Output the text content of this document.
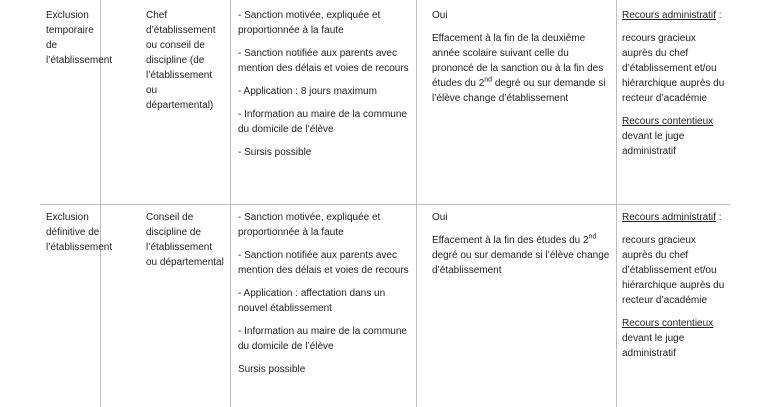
Exclusion temporaire de l’établissement
Chef d’établissement ou conseil de discipline (de l’établissement ou départemental)

- Sanction motivée, expliquée et proportionnée à la faute

- Sanction notifiée aux parents avec mention des délais et voies de recours

- Application : 8 jours maximum

- Information au maire de la commune du domicile de l’élève

- Sursis possible

Oui

Effacement à la fin de la deuxième année scolaire suivant celle du prononcé de la sanction ou à la fin des études du 2nd degré ou sur demande si l’élève change d’établissement

Recours administratif :

recours gracieux auprès du chef d’établissement et/ou hiérarchique auprès du recteur d’académie

Recours contentieux
devant le juge administratif

Exclusion définitive de l’établissement
Conseil de discipline de l’établissement ou départemental

- Sanction motivée, expliquée et proportionnée à la faute

- Sanction notifiée aux parents avec mention des délais et voies de recours

- Application : affectation dans un nouvel établissement

- Information au maire de la commune du domicile de l’élève

Sursis possible

Oui

Effacement à la fin des études du 2nd degré ou sur demande si l’élève change d’établissement

Recours administratif :

recours gracieux auprès du chef d’établissement et/ou hiérarchique auprès du recteur d’académie

Recours contentieux
devant le juge administratif
